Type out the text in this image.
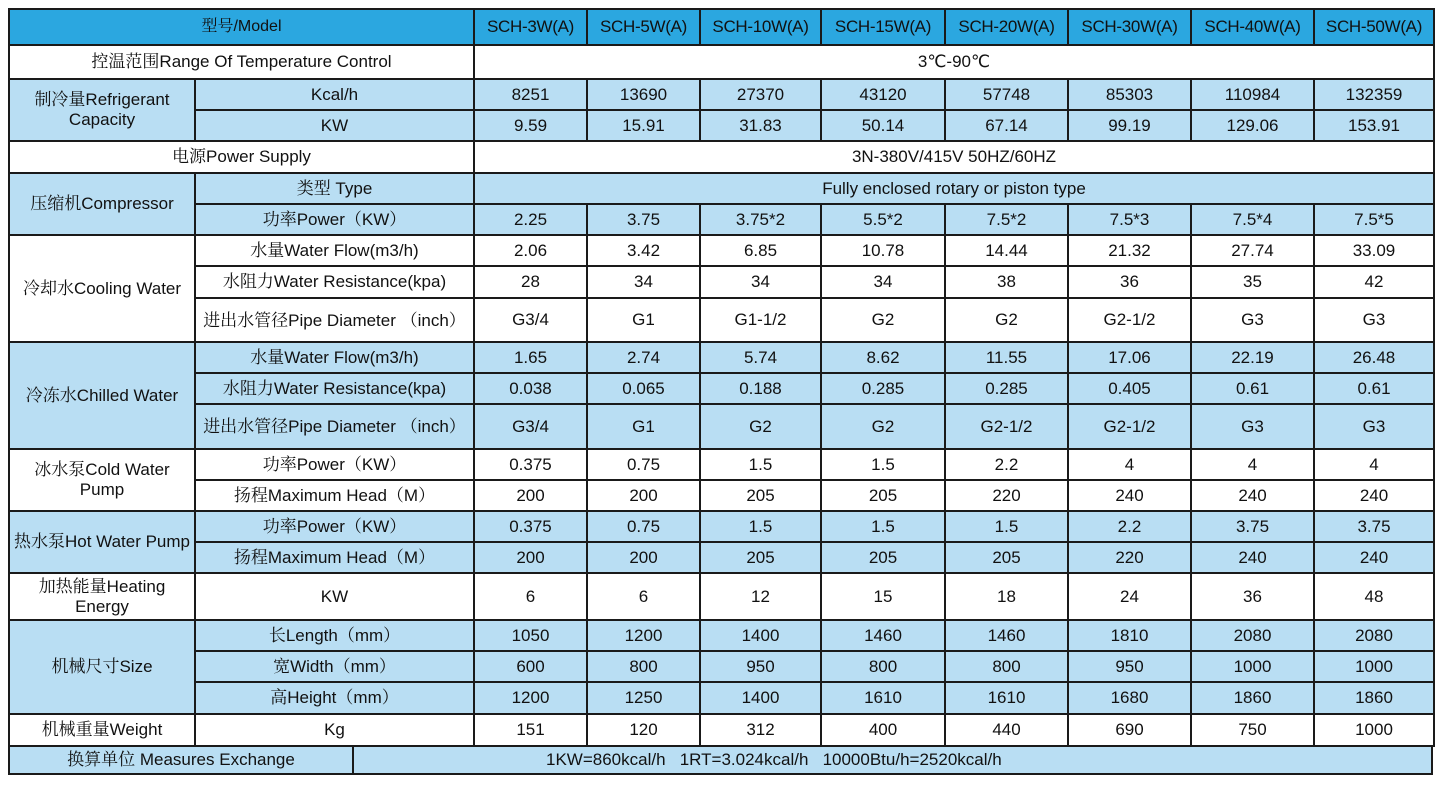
型号/Model		SCH-3W(A)	SCH-5W(A)	SCH-10W(A)	SCH-15W(A)	SCH-20W(A)	SCH-30W(A)	SCH-40W(A)	SCH-50W(A)
控温范围Range Of Temperature Control		3℃-90℃							
制冷量Refrigerant Capacity	Kcal/h	8251	13690	27370	43120	57748	85303	110984	132359
	KW	9.59	15.91	31.83	50.14	67.14	99.19	129.06	153.91
电源Power Supply		3N-380V/415V 50HZ/60HZ							
压缩机Compressor	类型 Type	Fully enclosed rotary or piston type							
	功率Power（KW）	2.25	3.75	3.75*2	5.5*2	7.5*2	7.5*3	7.5*4	7.5*5
冷却水Cooling Water	水量Water Flow(m3/h)	2.06	3.42	6.85	10.78	14.44	21.32	27.74	33.09
	水阻力Water Resistance(kpa)	28	34	34	34	38	36	35	42
	进出水管径Pipe Diameter （inch）	G3/4	G1	G1-1/2	G2	G2	G2-1/2	G3	G3
冷冻水Chilled Water	水量Water Flow(m3/h)	1.65	2.74	5.74	8.62	11.55	17.06	22.19	26.48
	水阻力Water Resistance(kpa)	0.038	0.065	0.188	0.285	0.285	0.405	0.61	0.61
	进出水管径Pipe Diameter （inch）	G3/4	G1	G2	G2	G2-1/2	G2-1/2	G3	G3
冰水泵Cold Water Pump	功率Power（KW）	0.375	0.75	1.5	1.5	2.2	4	4	4
	扬程Maximum Head（M）	200	200	205	205	220	240	240	240
热水泵Hot Water Pump	功率Power（KW）	0.375	0.75	1.5	1.5	1.5	2.2	3.75	3.75
	扬程Maximum Head（M）	200	200	205	205	205	220	240	240
加热能量Heating Energy	KW	6	6	12	15	18	24	36	48
机械尺寸Size	长Length（mm）	1050	1200	1400	1460	1460	1810	2080	2080
	宽Width（mm）	600	800	950	800	800	950	1000	1000
	高Height（mm）	1200	1250	1400	1610	1610	1680	1860	1860
机械重量Weight	Kg	151	120	312	400	440	690	750	1000
换算单位 Measures Exchange	1KW=860kcal/h   1RT=3.024kcal/h   10000Btu/h=2520kcal/h
